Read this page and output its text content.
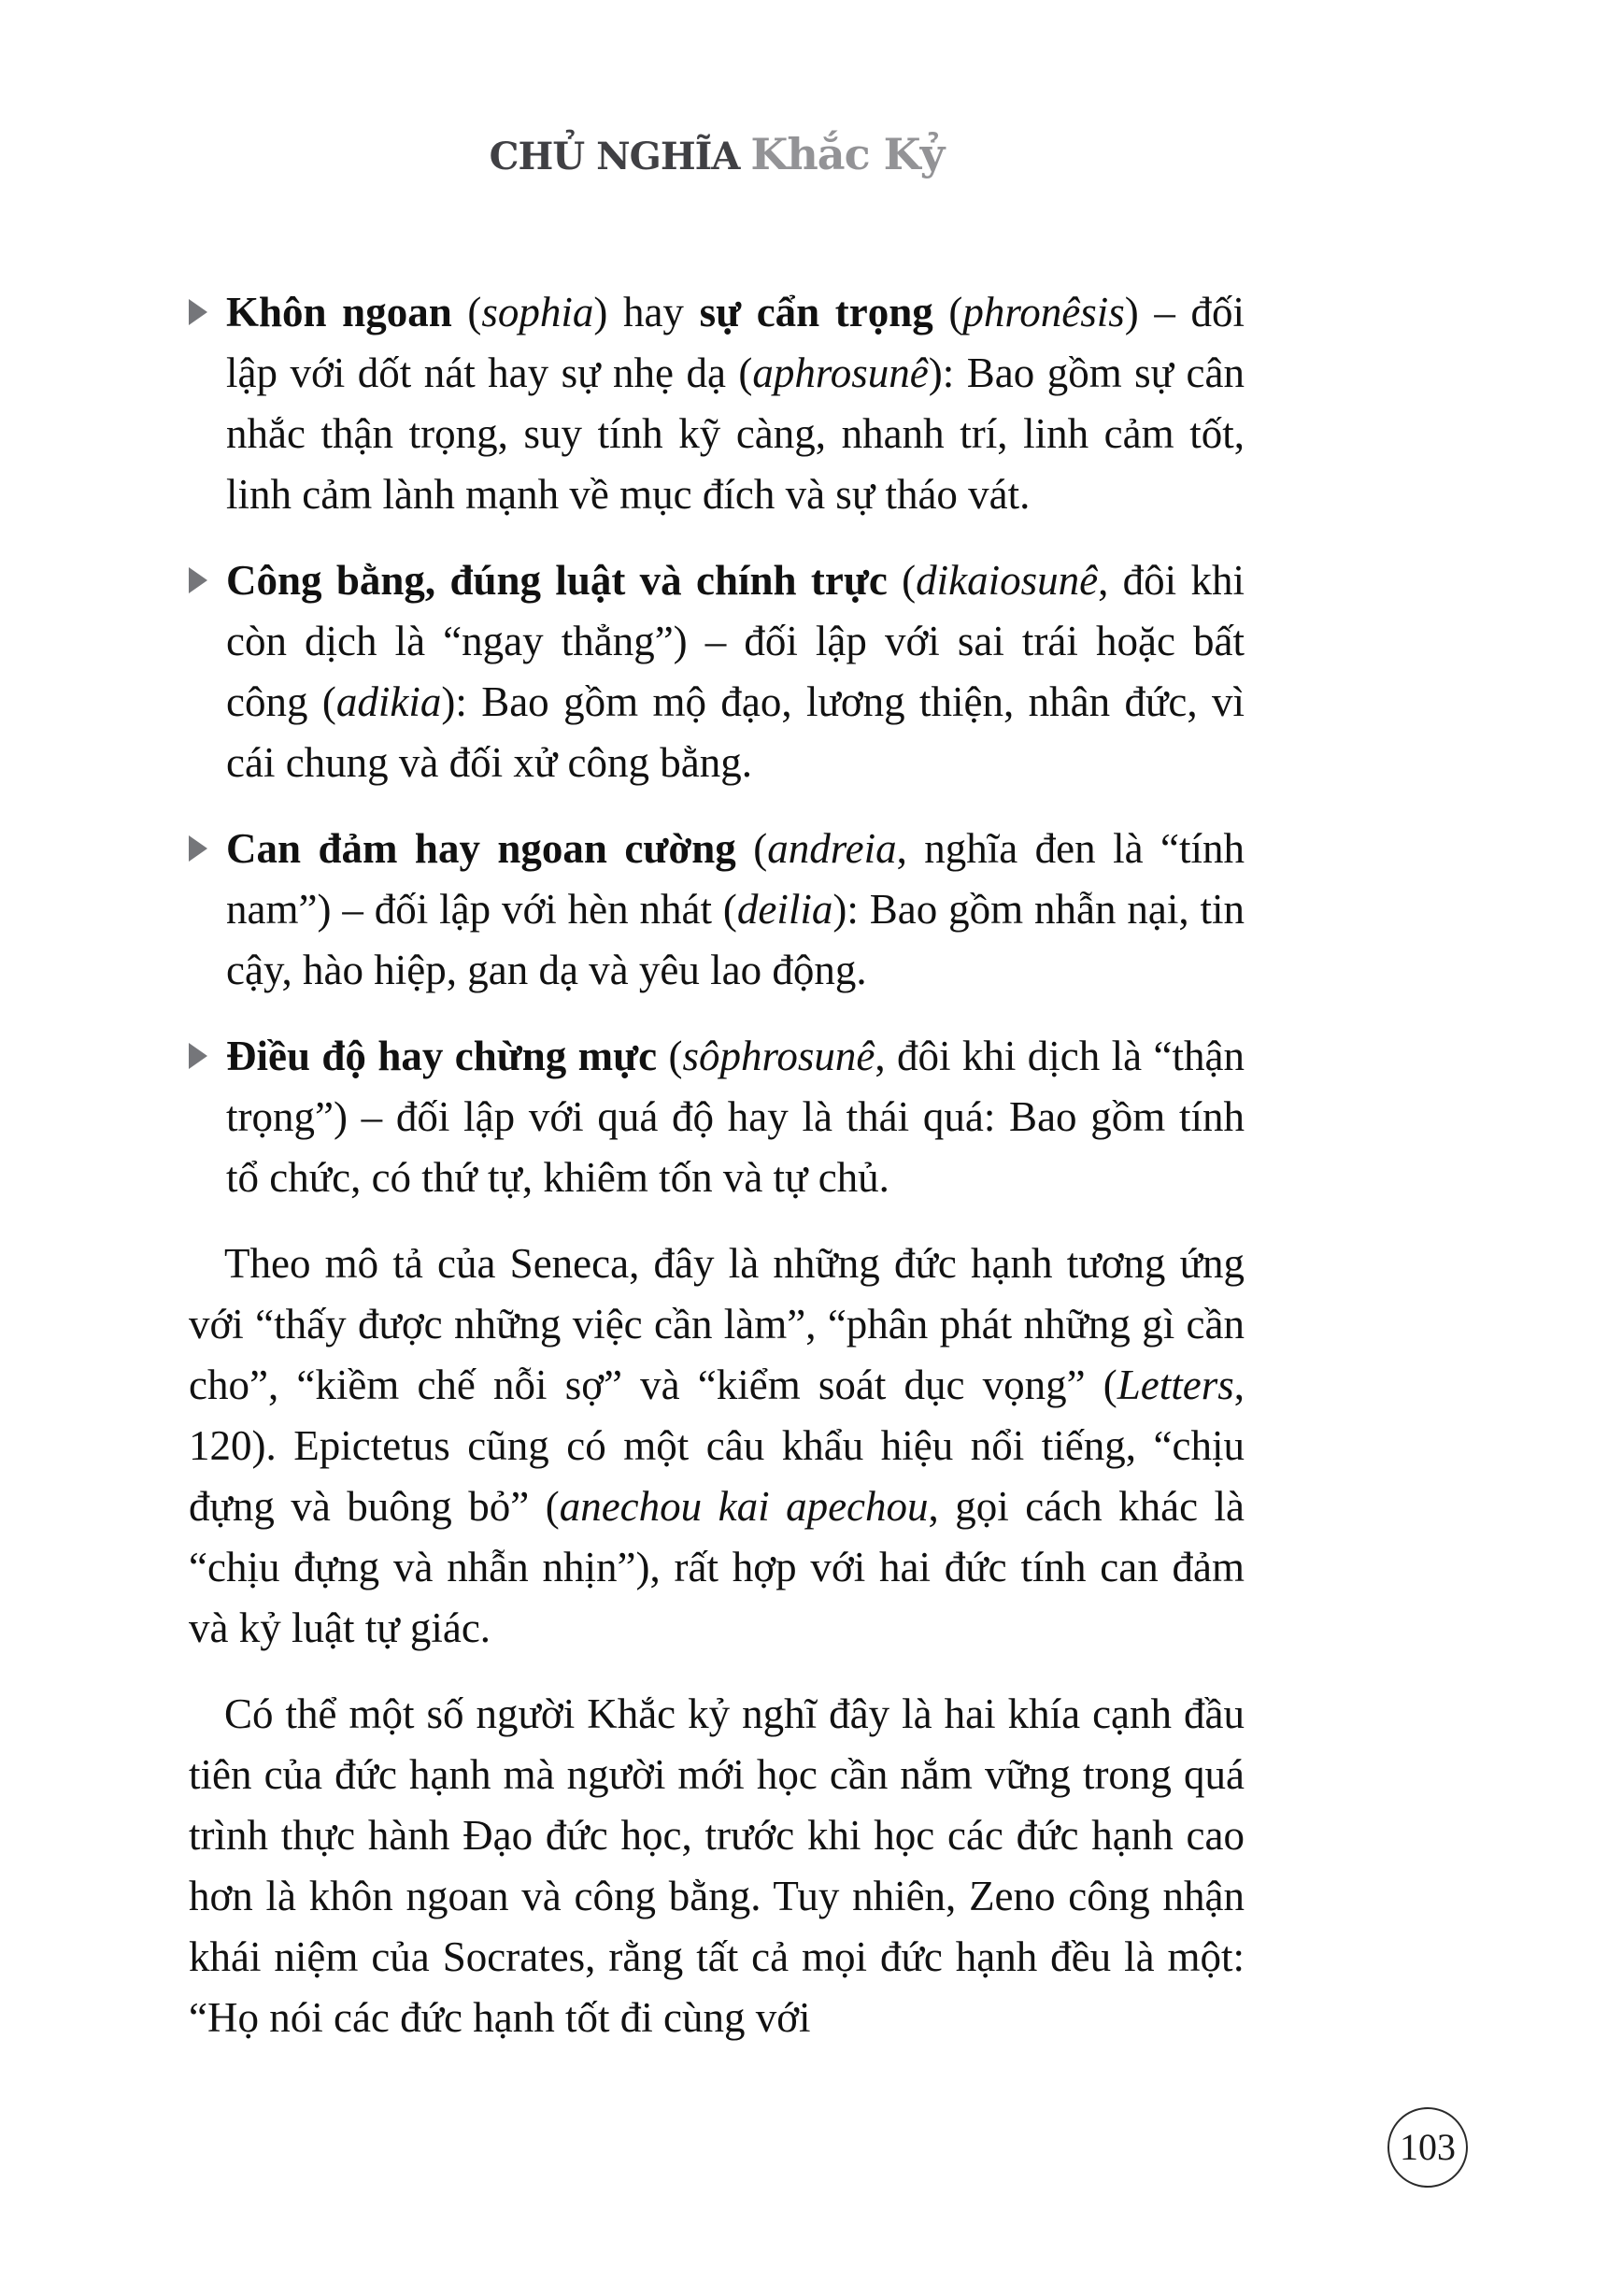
CHỦ NGHĨA Khắc Kỷ
Khôn ngoan (sophia) hay sự cẩn trọng (phronêsis) – đối lập với dốt nát hay sự nhẹ dạ (aphrosunê): Bao gồm sự cân nhắc thận trọng, suy tính kỹ càng, nhanh trí, linh cảm tốt, linh cảm lành mạnh về mục đích và sự tháo vát.
Công bằng, đúng luật và chính trực (dikaiosunê, đôi khi còn dịch là “ngay thẳng”) – đối lập với sai trái hoặc bất công (adikia): Bao gồm mộ đạo, lương thiện, nhân đức, vì cái chung và đối xử công bằng.
Can đảm hay ngoan cường (andreia, nghĩa đen là “tính nam”) – đối lập với hèn nhát (deilia): Bao gồm nhẫn nại, tin cậy, hào hiệp, gan dạ và yêu lao động.
Điều độ hay chừng mực (sôphrosunê, đôi khi dịch là “thận trọng”) – đối lập với quá độ hay là thái quá: Bao gồm tính tổ chức, có thứ tự, khiêm tốn và tự chủ.

Theo mô tả của Seneca, đây là những đức hạnh tương ứng với “thấy được những việc cần làm”, “phân phát những gì cần cho”, “kiềm chế nỗi sợ” và “kiểm soát dục vọng” (Letters, 120). Epictetus cũng có một câu khẩu hiệu nổi tiếng, “chịu đựng và buông bỏ” (anechou kai apechou, gọi cách khác là “chịu đựng và nhẫn nhịn”), rất hợp với hai đức tính can đảm và kỷ luật tự giác.

Có thể một số người Khắc kỷ nghĩ đây là hai khía cạnh đầu tiên của đức hạnh mà người mới học cần nắm vững trong quá trình thực hành Đạo đức học, trước khi học các đức hạnh cao hơn là khôn ngoan và công bằng. Tuy nhiên, Zeno công nhận khái niệm của Socrates, rằng tất cả mọi đức hạnh đều là một: “Họ nói các đức hạnh tốt đi cùng với

103
